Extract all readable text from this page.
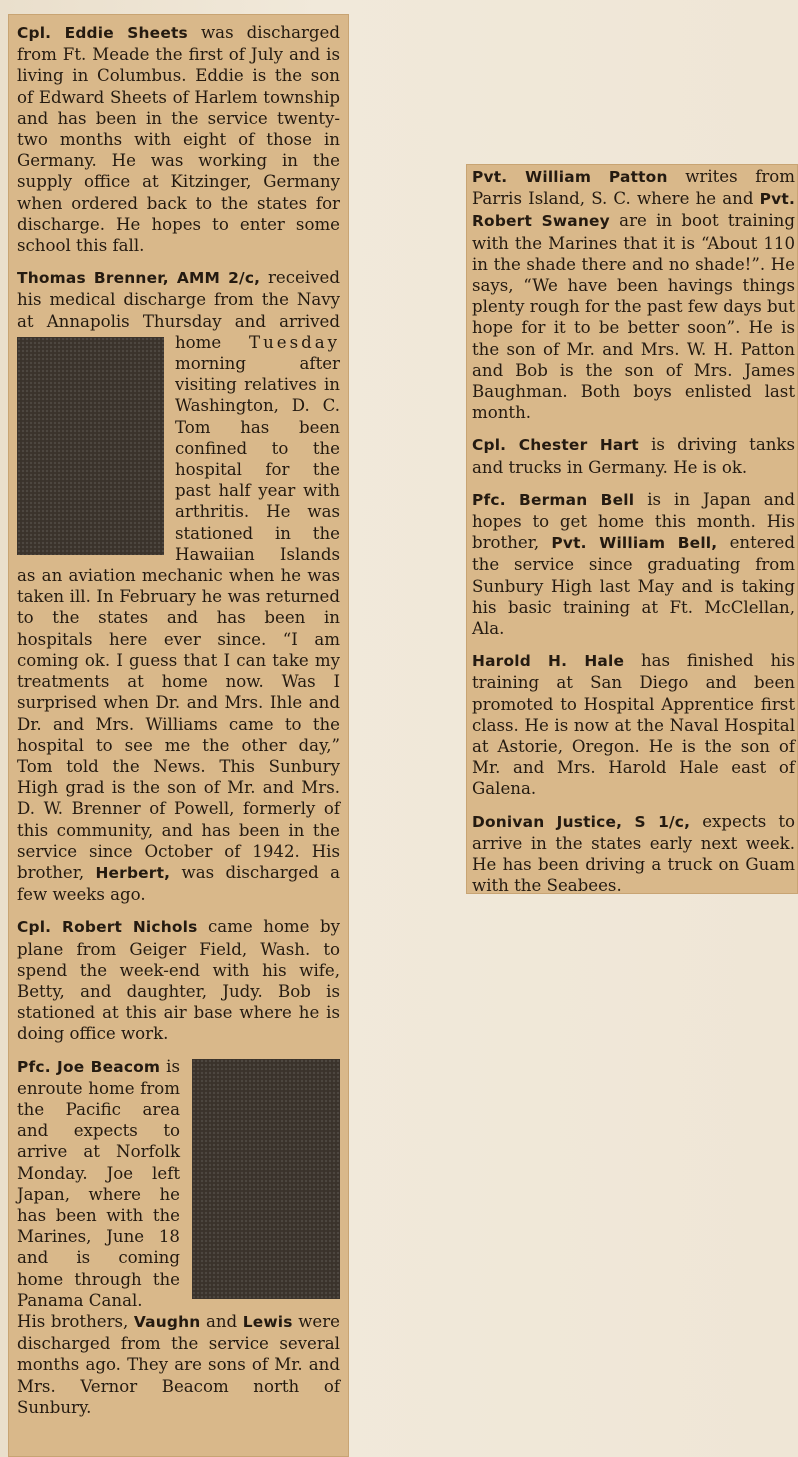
Cpl. Eddie Sheets was discharged from Ft. Meade the first of July and is living in Columbus. Eddie is the son of Edward Sheets of Harlem township and has been in the service twenty-two months with eight of those in Germany. He was working in the supply office at Kitzinger, Germany when ordered back to the states for discharge. He hopes to enter some school this fall.

Thomas Brenner, AMM 2/c, received his medical discharge from the Navy at Annapolis Thursday and arrived home
Tuesday morning after visiting relatives in Washington, D. C. Tom has been confined to the hospital for the past half year with arthritis. He was stationed in the Hawaiian Islands as an aviation mechanic when he was taken ill. In February he was returned to the states and has been in hospitals here ever since. “I am coming ok. I guess that I can take my treatments at home now. Was I surprised when Dr. and Mrs. Ihle and Dr. and Mrs. Williams came to the hospital to see me the other day,” Tom told the News. This Sunbury High grad is the son of Mr. and Mrs. D. W. Brenner of Powell, formerly of this community, and has been in the service since October of 1942. His brother, Herbert, was discharged a few weeks ago.

Cpl. Robert Nichols came home by plane from Geiger Field, Wash. to spend the week-end with his wife, Betty, and daughter, Judy. Bob is stationed at this air base where he is doing office work.

Pfc. Joe Beacom
is enroute home from the Pacific area and expects to arrive at Norfolk Monday. Joe left Japan, where he has been with the Marines, June 18 and is coming home through the Panama Canal.

His brothers, Vaughn and Lewis were discharged from the service several months ago. They are sons of Mr. and Mrs. Vernor Beacom north of Sunbury.

Pvt. William Patton writes from Parris Island, S. C. where he and Pvt. Robert Swaney are in boot training with the Marines that it is “About 110 in the shade there and no shade!”. He says, “We have been havings things plenty rough for the past few days but hope for it to be better soon”. He is the son of Mr. and Mrs. W. H. Patton and Bob is the son of Mrs. James Baughman. Both boys enlisted last month.

Cpl. Chester Hart is driving tanks and trucks in Germany. He is ok.

Pfc. Berman Bell is in Japan and hopes to get home this month. His brother, Pvt. William Bell, entered the service since graduating from Sunbury High last May and is taking his basic training at Ft. McClellan, Ala.

Harold H. Hale has finished his training at San Diego and been promoted to Hospital Apprentice first class. He is now at the Naval Hospital at Astorie, Oregon. He is the son of Mr. and Mrs. Harold Hale east of Galena.

Donivan Justice, S 1/c, expects to arrive in the states early next week. He has been driving a truck on Guam with the Seabees.
